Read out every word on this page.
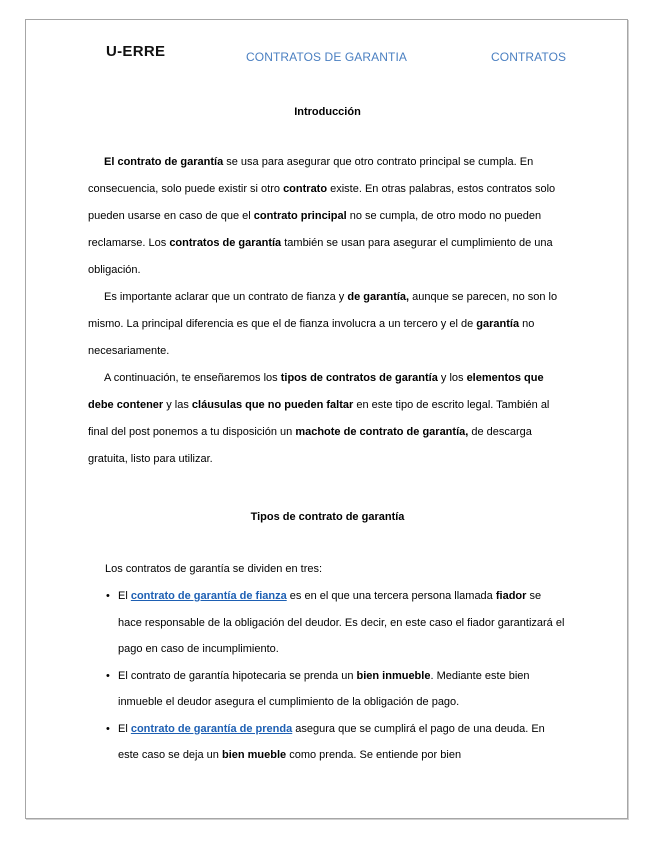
U-ERRE	CONTRATOS DE GARANTIA	CONTRATOS
Introducción

El contrato de garantía se usa para asegurar que otro contrato principal se cumpla. En consecuencia, solo puede existir si otro contrato existe. En otras palabras, estos contratos solo pueden usarse en caso de que el contrato principal no se cumpla, de otro modo no pueden reclamarse. Los contratos de garantía también se usan para asegurar el cumplimiento de una obligación.

Es importante aclarar que un contrato de fianza y de garantía, aunque se parecen, no son lo mismo. La principal diferencia es que el de fianza involucra a un tercero y el de garantía no necesariamente.

A continuación, te enseñaremos los tipos de contratos de garantía y los elementos que debe contener y las cláusulas que no pueden faltar en este tipo de escrito legal. También al final del post ponemos a tu disposición un machote de contrato de garantía, de descarga gratuita, listo para utilizar.

Tipos de contrato de garantía

Los contratos de garantía se dividen en tres:

• El contrato de garantía de fianza es en el que una tercera persona llamada fiador se hace responsable de la obligación del deudor. Es decir, en este caso el fiador garantizará el pago en caso de incumplimiento.
• El contrato de garantía hipotecaria se prenda un bien inmueble. Mediante este bien inmueble el deudor asegura el cumplimiento de la obligación de pago.
• El contrato de garantía de prenda asegura que se cumplirá el pago de una deuda. En este caso se deja un bien mueble como prenda. Se entiende por bien
